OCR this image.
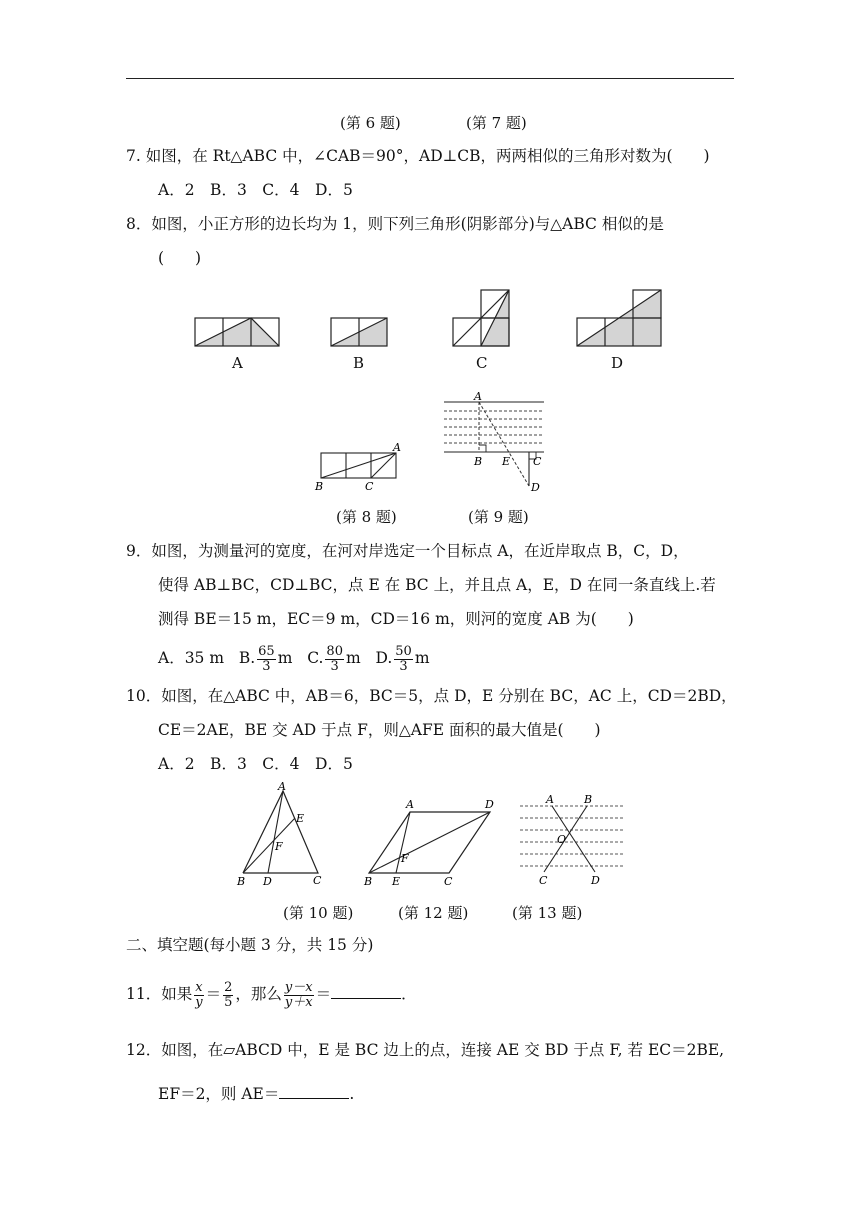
(第 6 题)	(第 7 题)
7. 如图，在 Rt△ABC 中，∠CAB＝90°，AD⊥CB，两两相似的三角形对数为(　　)
A．2　B．3　C．4　D．5
8．如图，小正方形的边长均为 1，则下列三角形(阴影部分)与△ABC 相似的是
(　　)
A	B	C	D
A
B	C
A
B E C
D
(第 8 题)	(第 9 题)
9．如图，为测量河的宽度，在河对岸选定一个目标点 A，在近岸取点 B，C，D，
使得 AB⊥BC，CD⊥BC，点 E 在 BC 上，并且点 A，E，D 在同一条直线上.若
测得 BE＝15 m，EC＝9 m，CD＝16 m，则河的宽度 AB 为(　　)
A．35 m B. $\frac{65}{3}$ m C. $\frac{80}{3}$ m D. $\frac{50}{3}$ m
10．如图，在△ABC 中，AB＝6，BC＝5，点 D，E 分别在 BC，AC 上，CD＝2BD，
CE＝2AE，BE 交 AD 于点 F，则△AFE 面积的最大值是(　　)
A．2　B．3　C．4　D．5
A
E
F
B D	C
A	D
F
B E	C
A	B
O
C	D
(第 10 题)	(第 12 题)	(第 13 题)
二、填空题(每小题 3 分，共 15 分)
11．如果 $\frac{x}{y} = \frac{2}{5}$ ，那么 $\frac{y-x}{y+x}$ ＝	．
12．如图，在▱ABCD 中，E 是 BC 边上的点，连接 AE 交 BD 于点 F, 若 EC＝2BE,
EF＝2，则 AE＝	.
